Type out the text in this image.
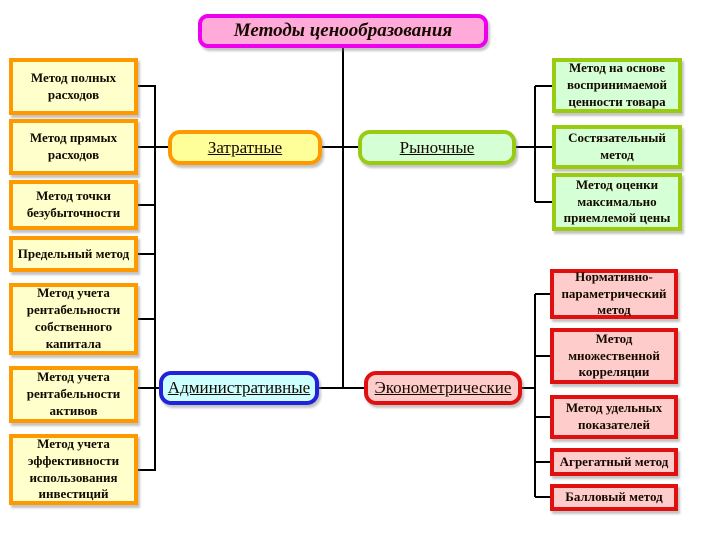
Методы ценообразования
Затратные	Рыночные
Административные	Эконометрические
Метод полных расходов
Метод прямых расходов
Метод точки безубыточности
Предельный метод
Метод учета рентабельности собственного капитала
Метод учета рентабельности активов
Метод учета эффективности использования инвестиций
Метод на основе воспринимаемой ценности товара
Состязательный метод
Метод оценки максимально приемлемой цены
Нормативно-параметрический метод
Метод множественной корреляции
Метод удельных показателей
Агрегатный метод
Балловый метод
